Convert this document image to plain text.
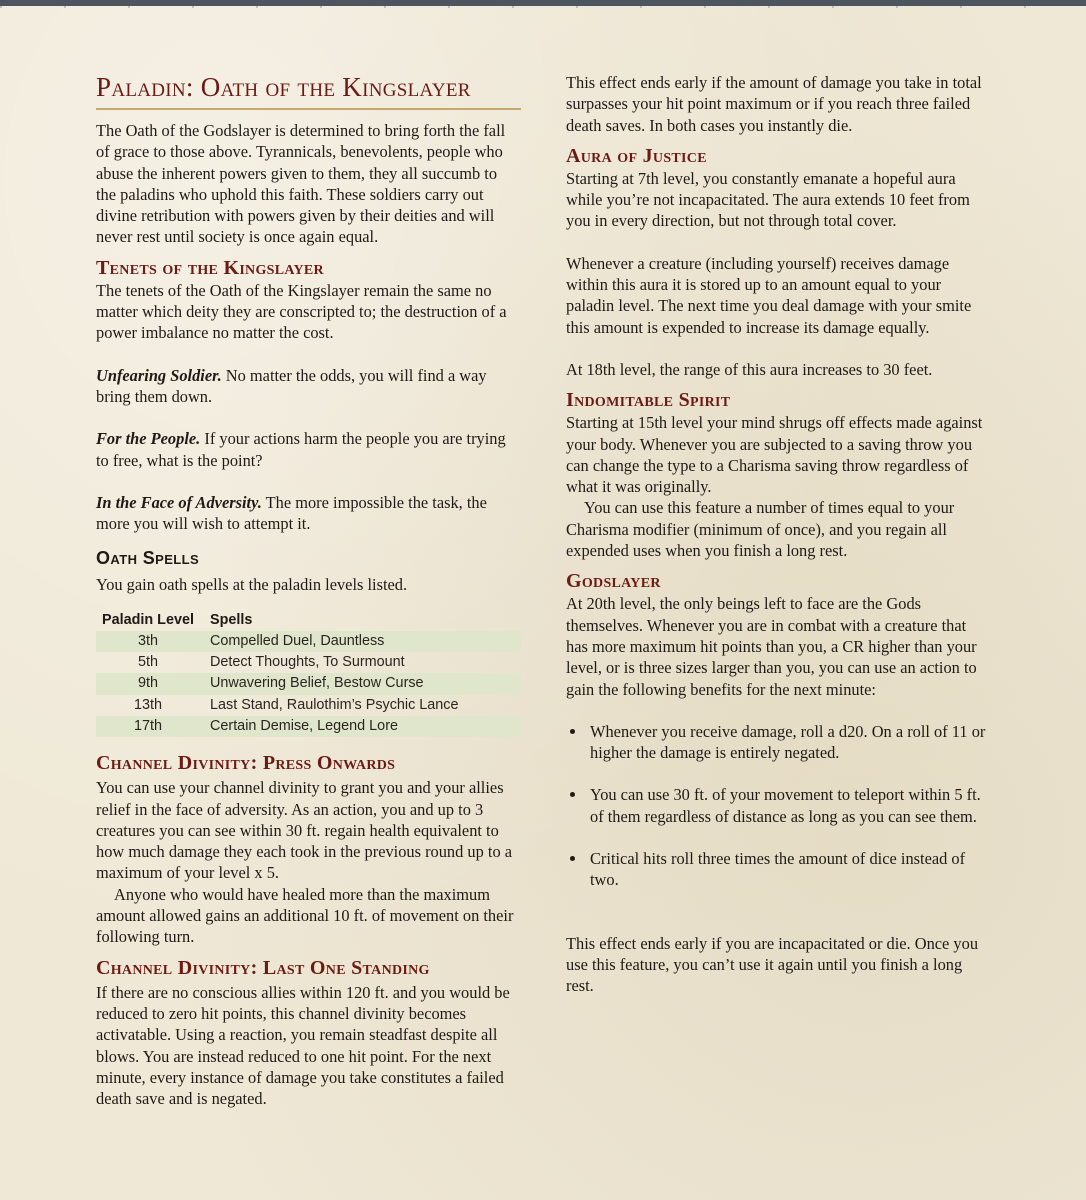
Paladin: Oath of the Kingslayer

The Oath of the Godslayer is determined to bring forth the fall of grace to those above. Tyrannicals, benevolents, people who abuse the inherent powers given to them, they all succumb to the paladins who uphold this faith. These soldiers carry out divine retribution with powers given by their deities and will never rest until society is once again equal.

Tenets of the Kingslayer

The tenets of the Oath of the Kingslayer remain the same no matter which deity they are conscripted to; the destruction of a power imbalance no matter the cost.

Unfearing Soldier. No matter the odds, you will find a way bring them down.

For the People. If your actions harm the people you are trying to free, what is the point?

In the Face of Adversity. The more impossible the task, the more you will wish to attempt it.

Oath Spells

You gain oath spells at the paladin levels listed.

Paladin Level	Spells
3th	Compelled Duel, Dauntless
5th	Detect Thoughts, To Surmount
9th	Unwavering Belief, Bestow Curse
13th	Last Stand, Raulothim’s Psychic Lance
17th	Certain Demise, Legend Lore
Channel Divinity: Press Onwards

You can use your channel divinity to grant you and your allies relief in the face of adversity. As an action, you and up to 3 creatures you can see within 30 ft. regain health equivalent to how much damage they each took in the previous round up to a maximum of your level x 5.

Anyone who would have healed more than the maximum amount allowed gains an additional 10 ft. of movement on their following turn.

Channel Divinity: Last One Standing

If there are no conscious allies within 120 ft. and you would be reduced to zero hit points, this channel divinity becomes activatable. Using a reaction, you remain steadfast despite all blows. You are instead reduced to one hit point. For the next minute, every instance of damage you take constitutes a failed death save and is negated.

This effect ends early if the amount of damage you take in total surpasses your hit point maximum or if you reach three failed death saves. In both cases you instantly die.

Aura of Justice

Starting at 7th level, you constantly emanate a hopeful aura while you’re not incapacitated. The aura extends 10 feet from you in every direction, but not through total cover.

Whenever a creature (including yourself) receives damage within this aura it is stored up to an amount equal to your paladin level. The next time you deal damage with your smite this amount is expended to increase its damage equally.

At 18th level, the range of this aura increases to 30 feet.

Indomitable Spirit

Starting at 15th level your mind shrugs off effects made against your body. Whenever you are subjected to a saving throw you can change the type to a Charisma saving throw regardless of what it was originally.

You can use this feature a number of times equal to your Charisma modifier (minimum of once), and you regain all expended uses when you finish a long rest.

Godslayer

At 20th level, the only beings left to face are the Gods themselves. Whenever you are in combat with a creature that has more maximum hit points than you, a CR higher than your level, or is three sizes larger than you, you can use an action to gain the following benefits for the next minute:

Whenever you receive damage, roll a d20. On a roll of 11 or higher the damage is entirely negated.
You can use 30 ft. of your movement to teleport within 5 ft. of them regardless of distance as long as you can see them.
Critical hits roll three times the amount of dice instead of two.

This effect ends early if you are incapacitated or die. Once you use this feature, you can’t use it again until you finish a long rest.
